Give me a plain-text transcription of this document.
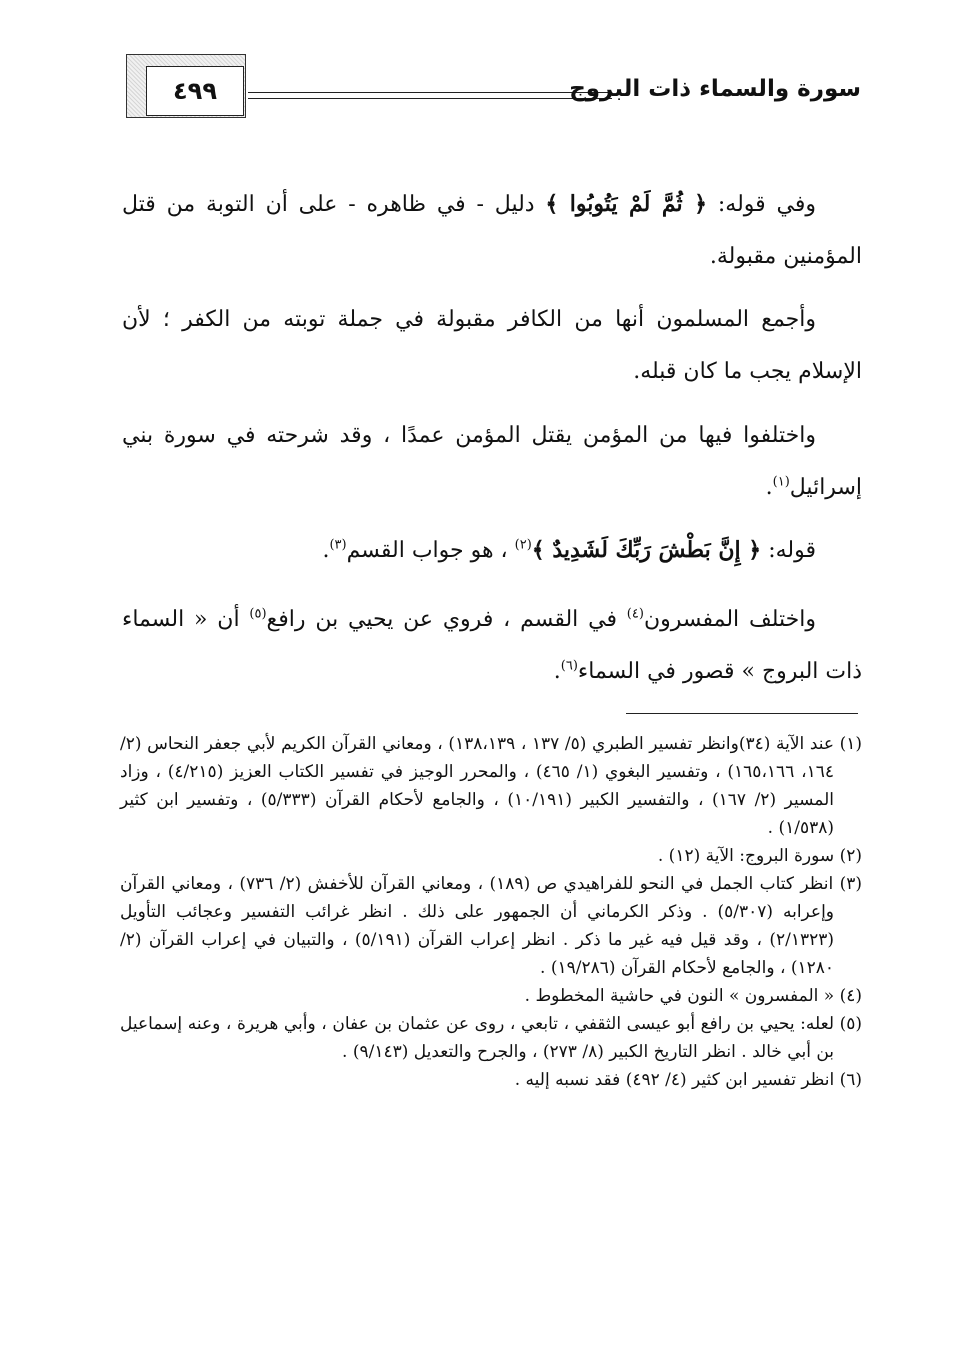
٤٩٩	سورة والسماء ذات البروج
وفي قوله: ﴿ ثُمَّ لَمْ يَتُوبُوا ﴾ دليل - في ظاهره - على أن التوبة من قتل المؤمنين مقبولة.
وأجمع المسلمون أنها من الكافر مقبولة في جملة توبته من الكفر ؛ لأن الإسلام يجب ما كان قبله.
واختلفوا فيها من المؤمن يقتل المؤمن عمدًا ، وقد شرحته في سورة بني إسرائيل$^{(١)}$.
قوله: ﴿ إِنَّ بَطْشَ رَبِّكَ لَشَدِيدٌ ﴾$^{(٢)}$ ، هو جواب القسم$^{(٣)}$.
واختلف المفسرون$^{(٤)}$ في القسم ، فروي عن يحيي بن رافع$^{(٥)}$ أن « السماء ذات البروج » قصور في السماء$^{(٦)}$.

(١) عند الآية (٣٤)وانظر تفسير الطبري (٥/ ١٣٧ ، ١٣٨،١٣٩) ، ومعاني القرآن الكريم لأبي جعفر النحاس (٢/ ١٦٤، ١٦٥،١٦٦) ، وتفسير البغوي (١/ ٤٦٥) ، والمحرر الوجيز في تفسير الكتاب العزيز (٤/٢١٥) ، وزاد المسير (٢/ ١٦٧) ، والتفسير الكبير (١٠/١٩١) ، والجامع لأحكام القرآن (٥/٣٣٣) ، وتفسير ابن كثير (١/٥٣٨) .

(٢) سورة البروج: الآية (١٢) .

(٣) انظر كتاب الجمل في النحو للفراهيدي ص (١٨٩) ، ومعاني القرآن للأخفش (٢/ ٧٣٦) ، ومعاني القرآن وإعرابه (٥/٣٠٧) . وذكر الكرماني أن الجمهور على ذلك . انظر غرائب التفسير وعجائب التأويل (٢/١٣٢٣) ، وقد قيل فيه غير ما ذكر . انظر إعراب القرآن (٥/١٩١) ، والتبيان في إعراب القرآن (٢/ ١٢٨٠) ، والجامع لأحكام القرآن (١٩/٢٨٦) .

(٤) « المفسرون » النون في حاشية المخطوط .

(٥) لعله: يحيي بن رافع أبو عيسى الثقفي ، تابعي ، روى عن عثمان بن عفان ، وأبي هريرة ، وعنه إسماعيل بن أبي خالد . انظر التاريخ الكبير (٨/ ٢٧٣) ، والجرح والتعديل (٩/١٤٣) .

(٦) انظر تفسير ابن كثير (٤/ ٤٩٢) فقد نسبه إليه .
